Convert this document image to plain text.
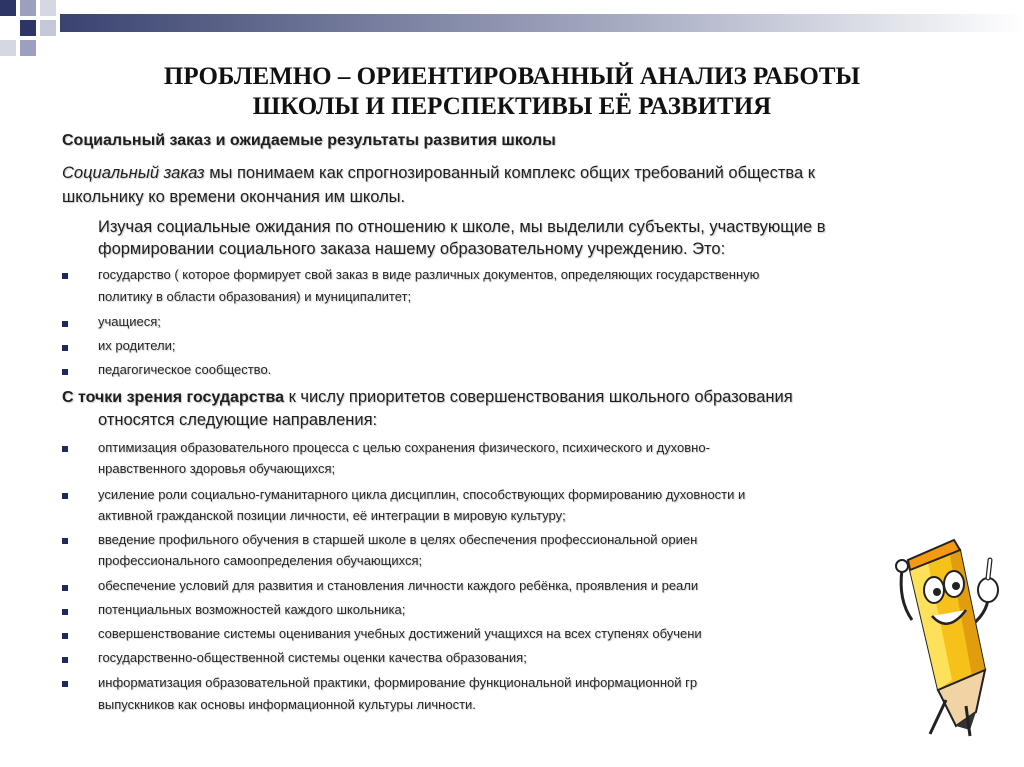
ПРОБЛЕМНО – ОРИЕНТИРОВАННЫЙ АНАЛИЗ РАБОТЫ
ШКОЛЫ И ПЕРСПЕКТИВЫ ЕЁ РАЗВИТИЯ
Социальный заказ и ожидаемые результаты развития школы
Социальный заказ мы понимаем как спрогнозированный комплекс общих требований общества к
школьнику ко времени окончания им школы.
Изучая социальные ожидания по отношению к школе, мы выделили субъекты, участвующие в
формировании социального заказа нашему образовательному учреждению. Это:
государство ( которое формирует свой заказ в виде различных документов, определяющих государственную
политику в области образования) и муниципалитет;
учащиеся;
их родители;
педагогическое сообщество.
С точки зрения государства к числу приоритетов совершенствования школьного образования
относятся следующие направления:
оптимизация образовательного процесса с целью сохранения физического, психического и духовно-
нравственного здоровья обучающихся;
усиление роли социально-гуманитарного цикла дисциплин, способствующих формированию духовности и
активной гражданской позиции личности, её интеграции в мировую культуру;
введение профильного обучения в старшей школе в целях обеспечения профессиональной ориен
профессионального самоопределения обучающихся;
обеспечение условий для развития и становления личности каждого ребёнка, проявления и реали
потенциальных возможностей каждого школьника;
совершенствование системы оценивания учебных достижений учащихся на всех ступенях обучени
государственно-общественной системы оценки качества образования;
информатизация образовательной практики, формирование функциональной информационной гр
выпускников как основы информационной культуры личности.
